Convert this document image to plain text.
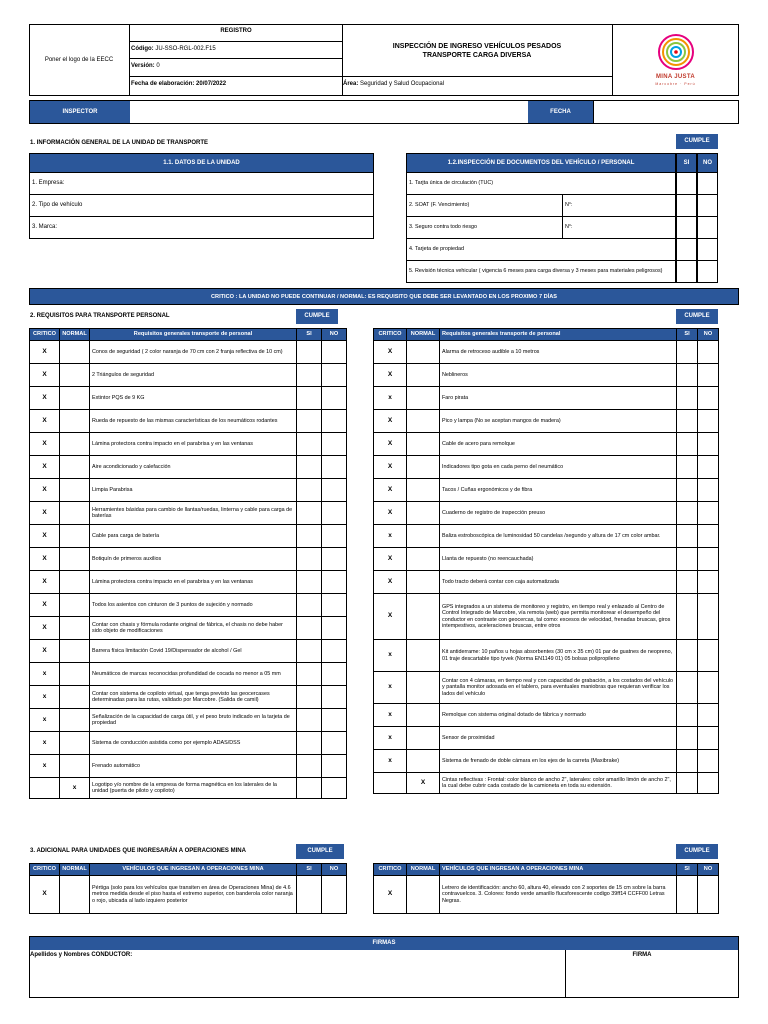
Poner el logo de la EECC
REGISTRO
Código: JU-SSO-RGL-002.F15
Versión: 0
Fecha de elaboración: 20/07/2022
INSPECCIÓN DE INGRESO VEHÍCULOS PESADOS
TRANSPORTE CARGA DIVERSA
Área: Seguridad y Salud Ocupacional
MINA JUSTA
Marcobre · Perú
INSPECTOR	FECHA
1. INFORMACIÓN GENERAL DE LA UNIDAD DE TRANSPORTE	CUMPLE
1.1. DATOS DE LA UNIDAD
1. Empresa:
2. Tipo de vehículo
3. Marca:
1.2.INSPECCIÓN DE DOCUMENTOS DEL VEHÍCULO / PERSONAL	SI	NO
1. Tarjta única de circulación (TUC)
2. SOAT (F. Vencimiento)	N°:
3. Seguro contra todo riesgo	N°:
4. Tarjeta de propiedad
5. Revisión técnica vehicular ( vigencia 6 meses para carga diversa y 3 meses para materiales peligrosos)
CRITICO : LA UNIDAD NO PUEDE CONTINUAR / NORMAL: ES REQUISITO QUE DEBE SER LEVANTADO EN LOS PROXIMO 7 DÍAS
2. REQUISITOS PARA TRANSPORTE PERSONAL	CUMPLE	CUMPLE
CRITICO	NORMAL	Requisitos generales transporte de personal	SI	NO
X		Conos de seguridad ( 2 color naranja de 70 cm con 2 franja reflectiva de 10 cm)		
X		2 Triángulos de seguridad		
X		Extintor PQS de 9 KG		
X		Rueda de repuesto de las mismas características de los neumáticos rodantes		
X		Lámina protectora contra impacto en el parabrisa y en las ventanas		
X		Aire acondicionado y calefacción		
X		Limpia Parabrisa		
X		Herramientes básidas para cambio de llantas/ruedas, linterna y cable para carga de baterías		
X		Cable para carga de batería		
X		Botiquín de primeros auxilios		
X		Lámina protectora contra impacto en el parabrisa y en las ventanas		
X		Todos los asientos con cinturon de 3 puntos de sujeción y normado		
X		Contar con chasis y fórmula rodante original de fábrica, el chasis no debe haber sido objeto de modificaciones		
X		Barrera física limitación Covid 19/Dispensador de alcohol / Gel		
x		Neumáticos de marcas reconocidas profundidad de cocada no menor a 05 mm		
x		Contar con sistema de copiloto virtual, que tenga previsto las geocercases determinadas para las rutas, validado por Marcobre. (Salida de camil)		
x		Señalización de la capacidad de carga útil, y el peso bruto indicado en la tarjeta de propiedad		
x		Sistema de conducción asistida como por ejemplo ADAS/DSS		
x		Frenado automático		
	x	Logotipo y/o nombre de la empresa de forma magnética en los laterales de la unidad (puerta de piloto y copiloto)		
CRITICO	NORMAL	Requisitos generales transporte de personal	SI	NO
X		Alarma de retroceso audible a 10 metros		
X		Neblineros		
x		Faro pirata		
X		Pico y lampa (No se aceptan mangos de madera)		
X		Cable de acero para remolque		
X		Indicadores tipo gota en cada perno del neumático		
X		Tacos / Cuñas ergonómicos y de fibra		
X		Cuaderno de registro de inspección preuso		
x		Baliza estroboscópica de luminosidad 50 candelas /segundo y altura de 17 cm color ambar.		
X		Llanta de repuesto (no reencauchada)		
X		Todo tracto deberá contar con caja automatizada		
X		GPS integrados a un sistema de monitoreo y registro, en tiempo real y enlazado al Centro de Control Integrado de Marcobre, vía remota (web) que permita monitorear el desempeño del conductor en contraste con geocercas, tal como: excesos de velocidad, frenadas bruscas, giros intempestivos, aceleraciones bruscas, entre otros		
x		Kit antiderrame: 10 paños u hojas absorbentes (30 cm x 35 cm) 01 par de guatnes de neopreno, 01 traje descartable tipo tyvek (Norma EN1149 01) 05 bolsas polipropileno		
x		Contar con 4 cámaras, en tiempo real y con capacidad de grabación, a los costados del vehículo y pantalla monitor adosada en el tablero, para eventuales maniobras que requieran verificar los lados del vehículo		
x		Remolque con sistema original dotado de fábrica y normado		
x		Sensor de proximidad		
x		Sistema de frenado de doble cámara en los ejes de la carreta (Maxibrake)		
	X	Cintas reflectivas : Frontal: color blanco de ancho 2", laterales: color amarillo limón de ancho 2", la cual debe cubrir cada costado de la camioneta en toda su extensión.		
3. ADICIONAL PARA UNIDADES QUE INGRESARÁN A OPERACIONES MINA	CUMPLE	CUMPLE
CRITICO	NORMAL	VEHÍCULOS QUE INGRESAN A OPERACIONES MINA	SI	NO
X		Pértiga (solo para los vehículos que transiten en área de Operaciones Mina) de 4.6 metros medida desde el piso hasta el extremo superior, con banderola color naranja o rojo, ubicada al lado izquiero posterior		
CRITICO	NORMAL	VEHÍCULOS QUE INGRESAN A OPERACIONES MINA	SI	NO
X		Letrero de identificación: ancho 60, altura 40, elevado con 2 soportes de 15 cm sobre la barra contravuelcos. 3. Colores: fondo verde amarillo flucsforescente codigo 39ff14 CCFF00 Letras Negras.		
FIRMAS
Apellidos y Nombres CONDUCTOR:	FIRMA
